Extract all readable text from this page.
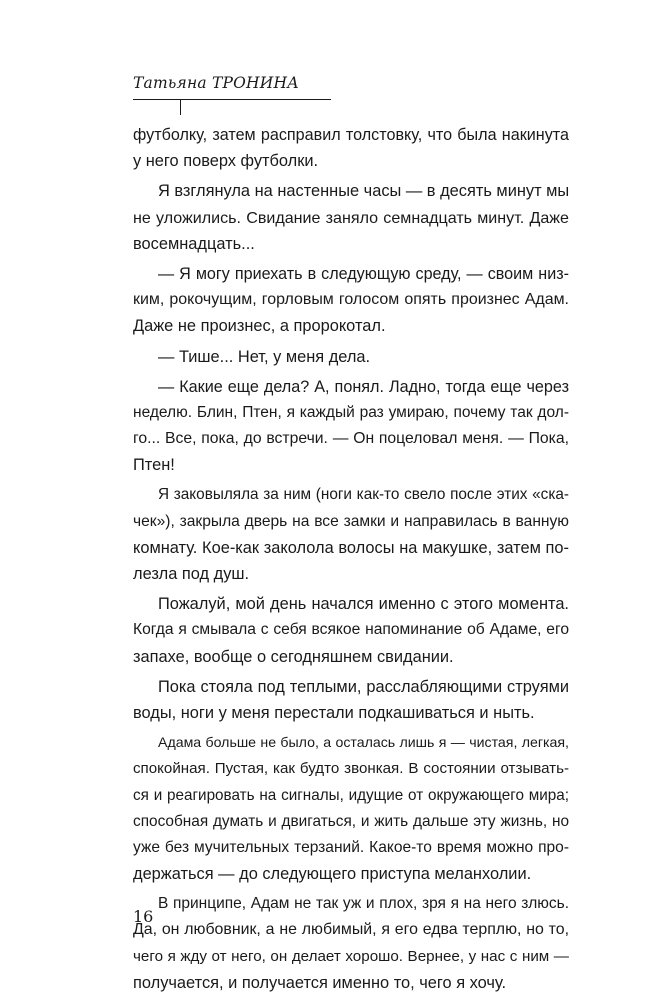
Татьяна ТРОНИНА
футболку, затем расправил толстовку, что была накинута
у него поверх футболки.
Я взглянула на настенные часы — в десять минут мы
не уложились. Свидание заняло семнадцать минут. Даже
восемнадцать...
— Я могу приехать в следующую среду, — своим низ-
ким, рокочущим, горловым голосом опять произнес Адам.
Даже не произнес, а пророкотал.
— Тише... Нет, у меня дела.
— Какие еще дела? А, понял. Ладно, тогда еще через
неделю. Блин, Птен, я каждый раз умираю, почему так дол-
го... Все, пока, до встречи. — Он поцеловал меня. — Пока,
Птен!
Я заковыляла за ним (ноги как-то свело после этих «ска-
чек»), закрыла дверь на все замки и направилась в ванную
комнату. Кое-как заколола волосы на макушке, затем по-
лезла под душ.
Пожалуй, мой день начался именно с этого момента.
Когда я смывала с себя всякое напоминание об Адаме, его
запахе, вообще о сегодняшнем свидании.
Пока стояла под теплыми, расслабляющими струями
воды, ноги у меня перестали подкашиваться и ныть.
Адама больше не было, а осталась лишь я — чистая, легкая,
спокойная. Пустая, как будто звонкая. В состоянии отзывать-
ся и реагировать на сигналы, идущие от окружающего мира;
способная думать и двигаться, и жить дальше эту жизнь, но
уже без мучительных терзаний. Какое-то время можно про-
держаться — до следующего приступа меланхолии.
В принципе, Адам не так уж и плох, зря я на него злюсь.
Да, он любовник, а не любимый, я его едва терплю, но то,
чего я жду от него, он делает хорошо. Вернее, у нас с ним —
получается, и получается именно то, чего я хочу.
16
